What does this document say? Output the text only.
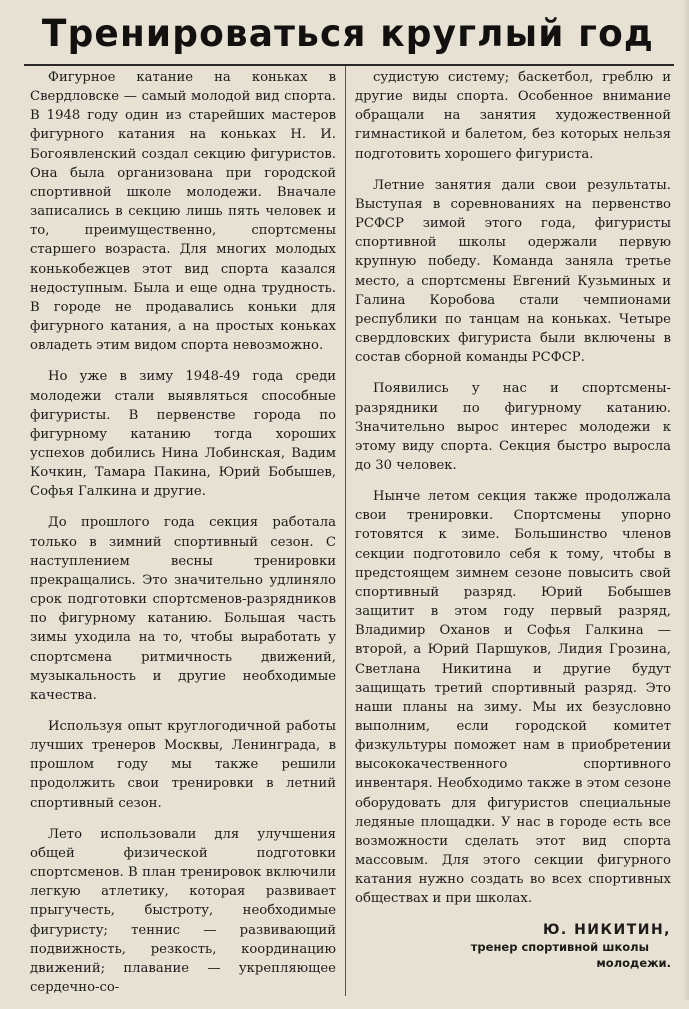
Тренироваться круглый год

Фигурное катание на коньках в Свердловске — самый молодой вид спорта. В 1948 году один из старейших мастеров фигурного катания на коньках Н. И. Богоявленский создал секцию фигуристов. Она была организована при городской спортивной школе молодежи. Вначале записались в секцию лишь пять человек и то, преимущественно, спортсмены старшего возраста. Для многих молодых конькобежцев этот вид спорта казался недоступным. Была и еще одна трудность. В городе не продавались коньки для фигурного катания, а на простых коньках овладеть этим видом спорта невозможно.

Но уже в зиму 1948-49 года среди молодежи стали выявляться способные фигуристы. В первенстве города по фигурному катанию тогда хороших успехов добились Нина Лобинская, Вадим Кочкин, Тамара Пакина, Юрий Бобышев, Софья Галкина и другие.

До прошлого года секция работала только в зимний спортивный сезон. С наступлением весны тренировки прекращались. Это значительно удлиняло срок подготовки спортсменов-разрядников по фигурному катанию. Большая часть зимы уходила на то, чтобы выработать у спортсмена ритмичность движений, музыкальность и другие необходимые качества.

Используя опыт круглогодичной работы лучших тренеров Москвы, Ленинграда, в прошлом году мы также решили продолжить свои тренировки в летний спортивный сезон.

Лето использовали для улучшения общей физической подготовки спортсменов. В план тренировок включили легкую атлетику, которая развивает прыгучесть, быстроту, необходимые фигуристу; теннис — развивающий подвижность, резкость, координацию движений; плавание — укрепляющее сердечно-со-

судистую систему; баскетбол, греблю и другие виды спорта. Особенное внимание обращали на занятия художественной гимнастикой и балетом, без которых нельзя подготовить хорошего фигуриста.

Летние занятия дали свои результаты. Выступая в соревнованиях на первенство РСФСР зимой этого года, фигуристы спортивной школы одержали первую крупную победу. Команда заняла третье место, а спортсмены Евгений Кузьминых и Галина Коробова стали чемпионами республики по танцам на коньках. Четыре свердловских фигуриста были включены в состав сборной команды РСФСР.

Появились у нас и спортсмены-разрядники по фигурному катанию. Значительно вырос интерес молодежи к этому виду спорта. Секция быстро выросла до 30 человек.

Нынче летом секция также продолжала свои тренировки. Спортсмены упорно готовятся к зиме. Большинство членов секции подготовило себя к тому, чтобы в предстоящем зимнем сезоне повысить свой спортивный разряд. Юрий Бобышев защитит в этом году первый разряд, Владимир Оханов и Софья Галкина — второй, а Юрий Паршуков, Лидия Грозина, Светлана Никитина и другие будут защищать третий спортивный разряд. Это наши планы на зиму. Мы их безусловно выполним, если городской комитет физкультуры поможет нам в приобретении высококачественного спортивного инвентаря. Необходимо также в этом сезоне оборудовать для фигуристов специальные ледяные площадки. У нас в городе есть все возможности сделать этот вид спорта массовым. Для этого секции фигурного катания нужно создать во всех спортивных обществах и при школах.

Ю. НИКИТИН,
тренер спортивной школы
молодежи.
